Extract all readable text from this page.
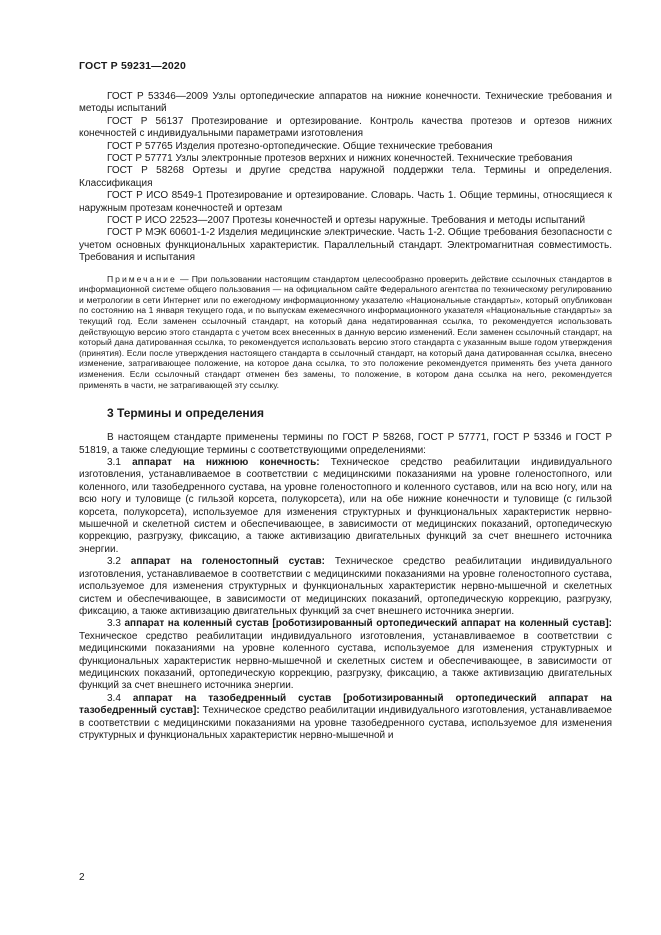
ГОСТ Р 59231—2020

ГОСТ Р 53346—2009 Узлы ортопедические аппаратов на нижние конечности. Технические требования и методы испытаний

ГОСТ Р 56137 Протезирование и ортезирование. Контроль качества протезов и ортезов нижних конечностей с индивидуальными параметрами изготовления

ГОСТ Р 57765 Изделия протезно-ортопедические. Общие технические требования

ГОСТ Р 57771 Узлы электронные протезов верхних и нижних конечностей. Технические требования

ГОСТ Р 58268 Ортезы и другие средства наружной поддержки тела. Термины и определения. Классификация

ГОСТ Р ИСО 8549-1 Протезирование и ортезирование. Словарь. Часть 1. Общие термины, относящиеся к наружным протезам конечностей и ортезам

ГОСТ Р ИСО 22523—2007 Протезы конечностей и ортезы наружные. Требования и методы испытаний

ГОСТ Р МЭК 60601-1-2 Изделия медицинские электрические. Часть 1-2. Общие требования безопасности с учетом основных функциональных характеристик. Параллельный стандарт. Электромагнитная совместимость. Требования и испытания

Примечание — При пользовании настоящим стандартом целесообразно проверить действие ссылочных стандартов в информационной системе общего пользования — на официальном сайте Федерального агентства по техническому регулированию и метрологии в сети Интернет или по ежегодному информационному указателю «Национальные стандарты», который опубликован по состоянию на 1 января текущего года, и по выпускам ежемесячного информационного указателя «Национальные стандарты» за текущий год. Если заменен ссылочный стандарт, на который дана недатированная ссылка, то рекомендуется использовать действующую версию этого стандарта с учетом всех внесенных в данную версию изменений. Если заменен ссылочный стандарт, на который дана датированная ссылка, то рекомендуется использовать версию этого стандарта с указанным выше годом утверждения (принятия). Если после утверждения настоящего стандарта в ссылочный стандарт, на который дана датированная ссылка, внесено изменение, затрагивающее положение, на которое дана ссылка, то это положение рекомендуется применять без учета данного изменения. Если ссылочный стандарт отменен без замены, то положение, в котором дана ссылка на него, рекомендуется применять в части, не затрагивающей эту ссылку.

3 Термины и определения

В настоящем стандарте применены термины по ГОСТ Р 58268, ГОСТ Р 57771, ГОСТ Р 53346 и ГОСТ Р 51819, а также следующие термины с соответствующими определениями:

3.1 аппарат на нижнюю конечность: Техническое средство реабилитации индивидуального изготовления, устанавливаемое в соответствии с медицинскими показаниями на уровне голеностопного, или коленного, или тазобедренного сустава, на уровне голеностопного и коленного суставов, или на всю ногу, или на всю ногу и туловище (с гильзой корсета, полукорсета), или на обе нижние конечности и туловище (с гильзой корсета, полукорсета), используемое для изменения структурных и функциональных характеристик нервно-мышечной и скелетной систем и обеспечивающее, в зависимости от медицинских показаний, ортопедическую коррекцию, разгрузку, фиксацию, а также активизацию двигательных функций за счет внешнего источника энергии.

3.2 аппарат на голеностопный сустав: Техническое средство реабилитации индивидуального изготовления, устанавливаемое в соответствии с медицинскими показаниями на уровне голеностопного сустава, используемое для изменения структурных и функциональных характеристик нервно-мышечной и скелетных систем и обеспечивающее, в зависимости от медицинских показаний, ортопедическую коррекцию, разгрузку, фиксацию, а также активизацию двигательных функций за счет внешнего источника энергии.

3.3 аппарат на коленный сустав [роботизированный ортопедический аппарат на коленный сустав]: Техническое средство реабилитации индивидуального изготовления, устанавливаемое в соответствии с медицинскими показаниями на уровне коленного сустава, используемое для изменения структурных и функциональных характеристик нервно-мышечной и скелетных систем и обеспечивающее, в зависимости от медицинских показаний, ортопедическую коррекцию, разгрузку, фиксацию, а также активизацию двигательных функций за счет внешнего источника энергии.

3.4 аппарат на тазобедренный сустав [роботизированный ортопедический аппарат на тазобедренный сустав]: Техническое средство реабилитации индивидуального изготовления, устанавливаемое в соответствии с медицинскими показаниями на уровне тазобедренного сустава, используемое для изменения структурных и функциональных характеристик нервно-мышечной и

2
